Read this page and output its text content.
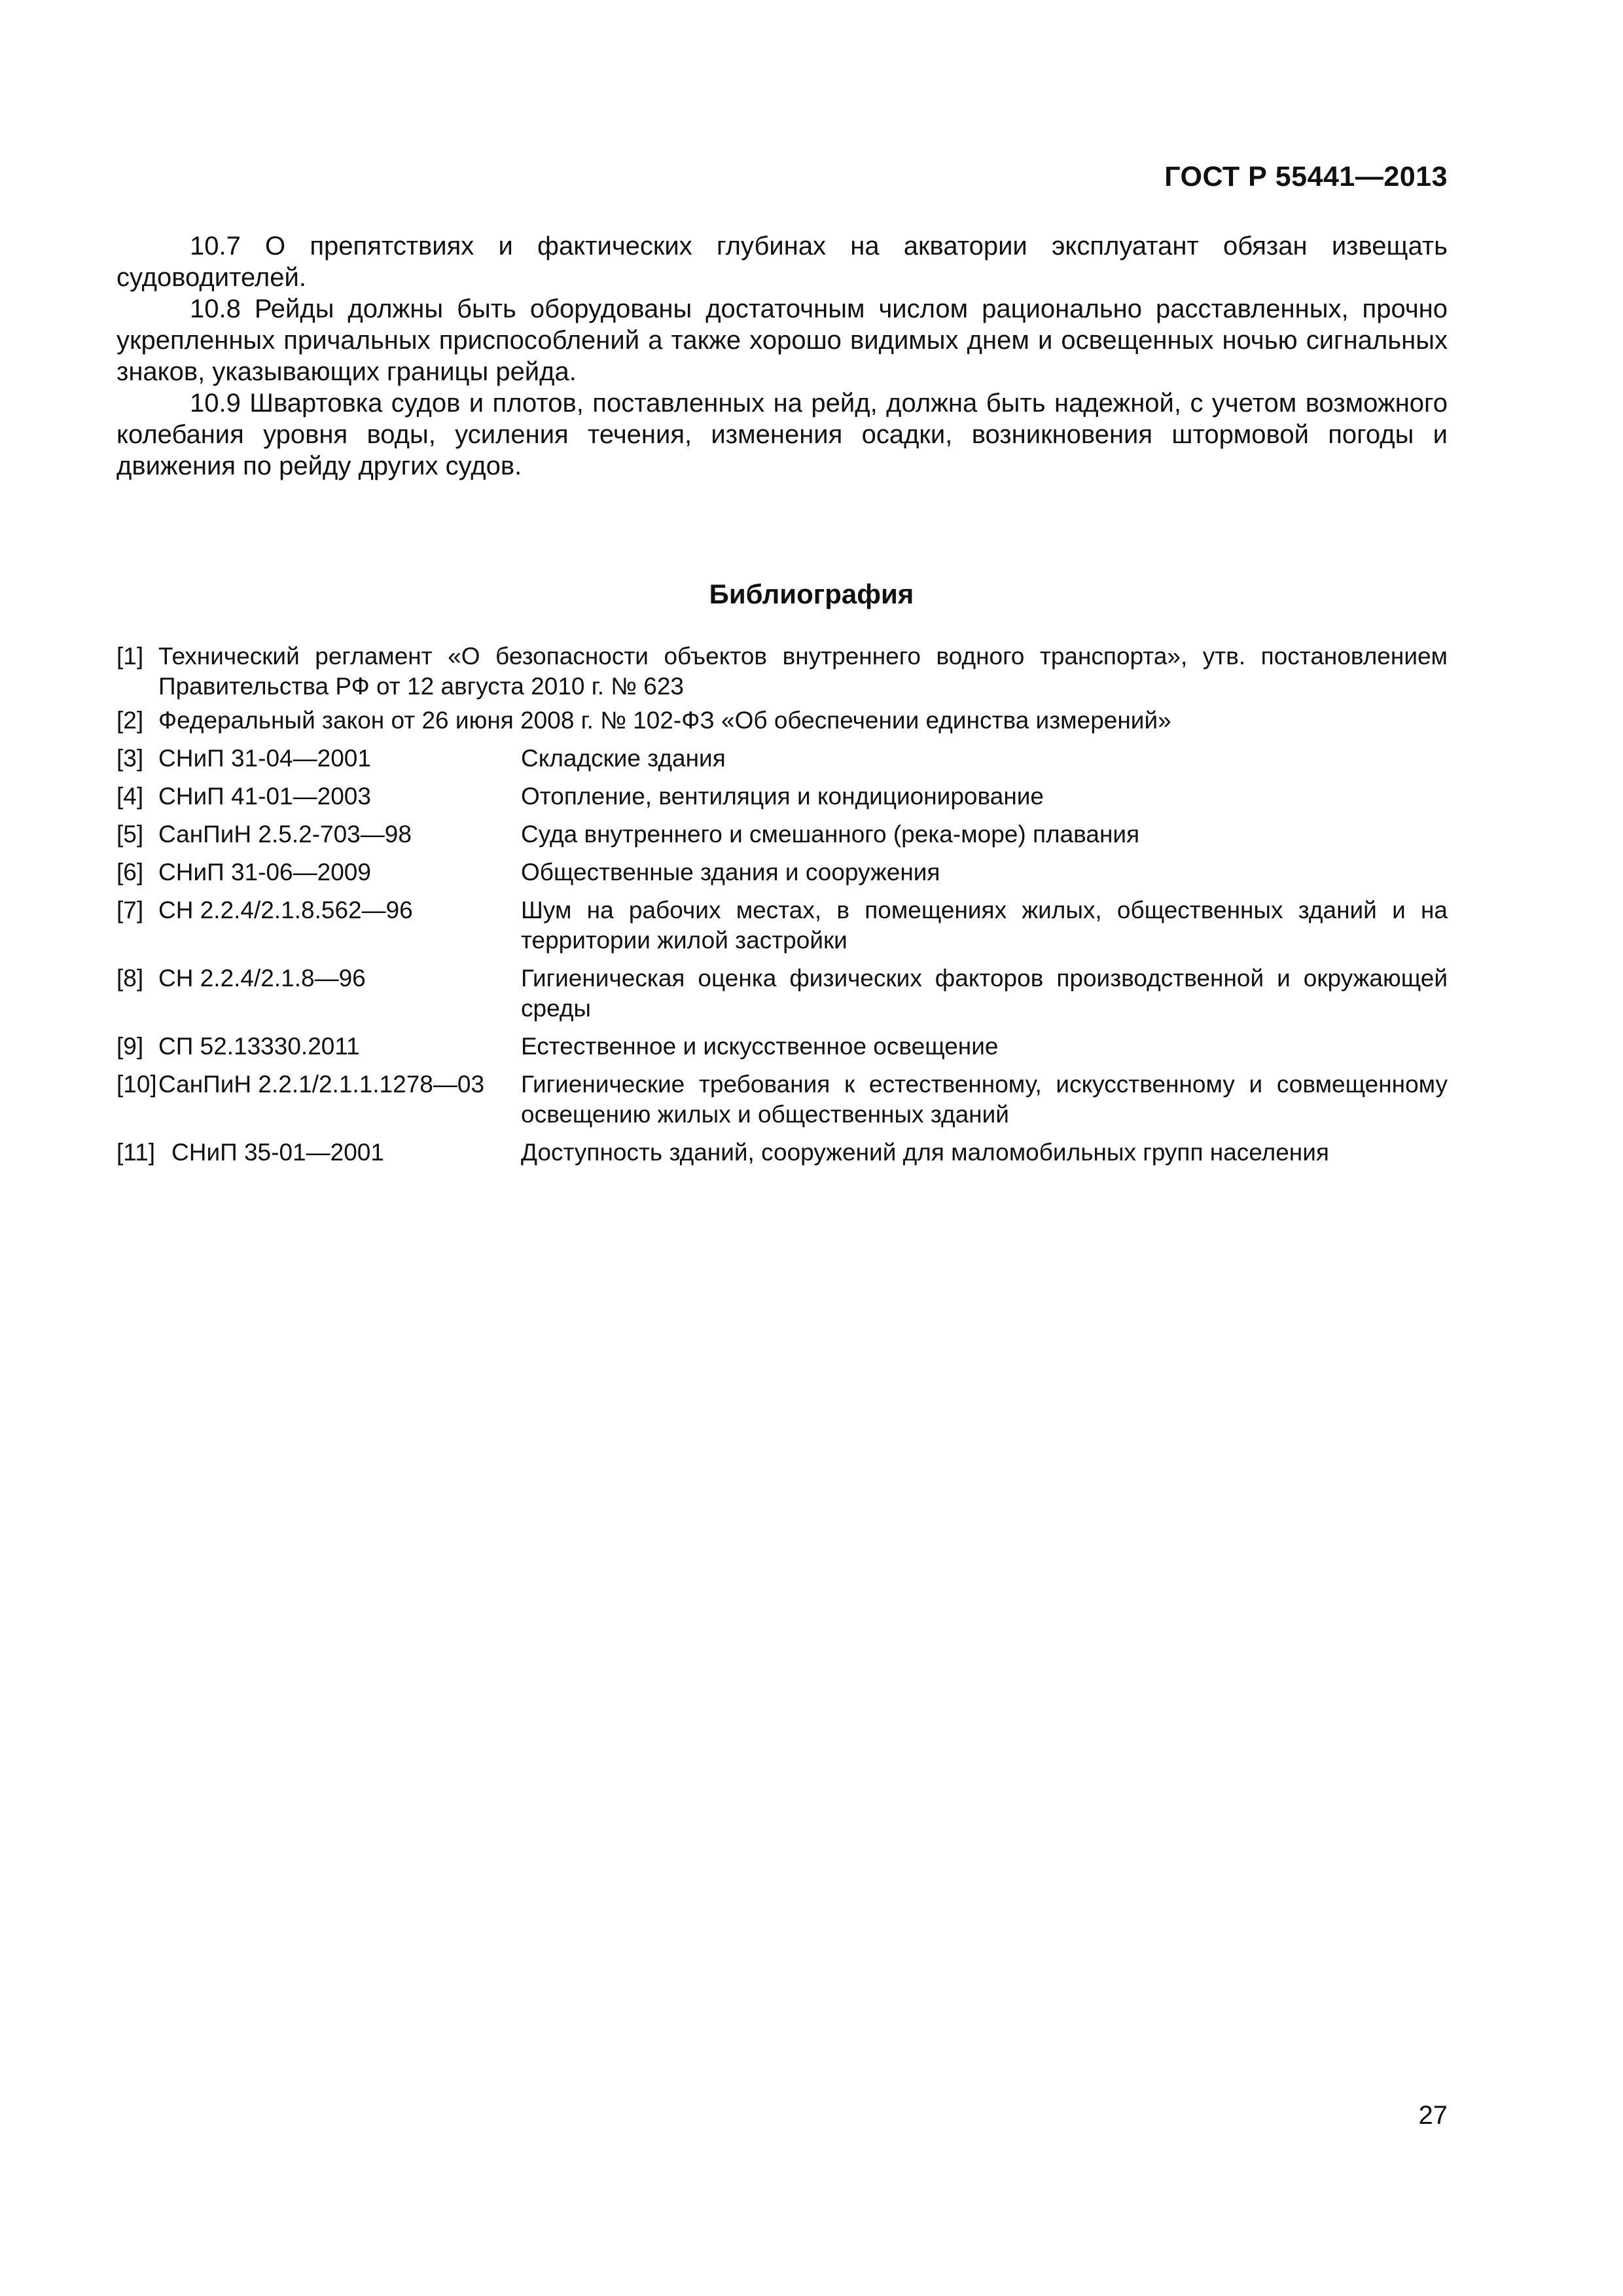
ГОСТ Р 55441—2013

10.7 О препятствиях и фактических глубинах на акватории эксплуатант обязан извещать судоводителей.

10.8 Рейды должны быть оборудованы достаточным числом рационально расставленных, прочно укрепленных причальных приспособлений а также хорошо видимых днем и освещенных ночью сигнальных знаков, указывающих границы рейда.

10.9 Швартовка судов и плотов, поставленных на рейд, должна быть надежной, с учетом возможного колебания уровня воды, усиления течения, изменения осадки, возникновения штормовой погоды и движения по рейду других судов.

Библиография
[1] Технический регламент «О безопасности объектов внутреннего водного транспорта», утв. постановлением Правительства РФ от 12 августа 2010 г. № 623
[2] Федеральный закон от 26 июня 2008 г. № 102-ФЗ «Об обеспечении единства измерений»
[3] СНиП 31-04—2001	Складские здания
[4] СНиП 41-01—2003	Отопление, вентиляция и кондиционирование
[5] СанПиН 2.5.2-703—98	Суда внутреннего и смешанного (река-море) плавания
[6] СНиП 31-06—2009	Общественные здания и сооружения
[7] СН 2.2.4/2.1.8.562—96	Шум на рабочих местах, в помещениях жилых, общественных зданий и на территории жилой застройки
[8] СН 2.2.4/2.1.8—96	Гигиеническая оценка физических факторов производственной и окружающей среды
[9] СП 52.13330.2011	Естественное и искусственное освещение
[10] СанПиН 2.2.1/2.1.1.1278—03	Гигиенические требования к естественному, искусственному и совмещенному освещению жилых и общественных зданий
[11] СНиП 35-01—2001	Доступность зданий, сооружений для маломобильных групп населения
27
